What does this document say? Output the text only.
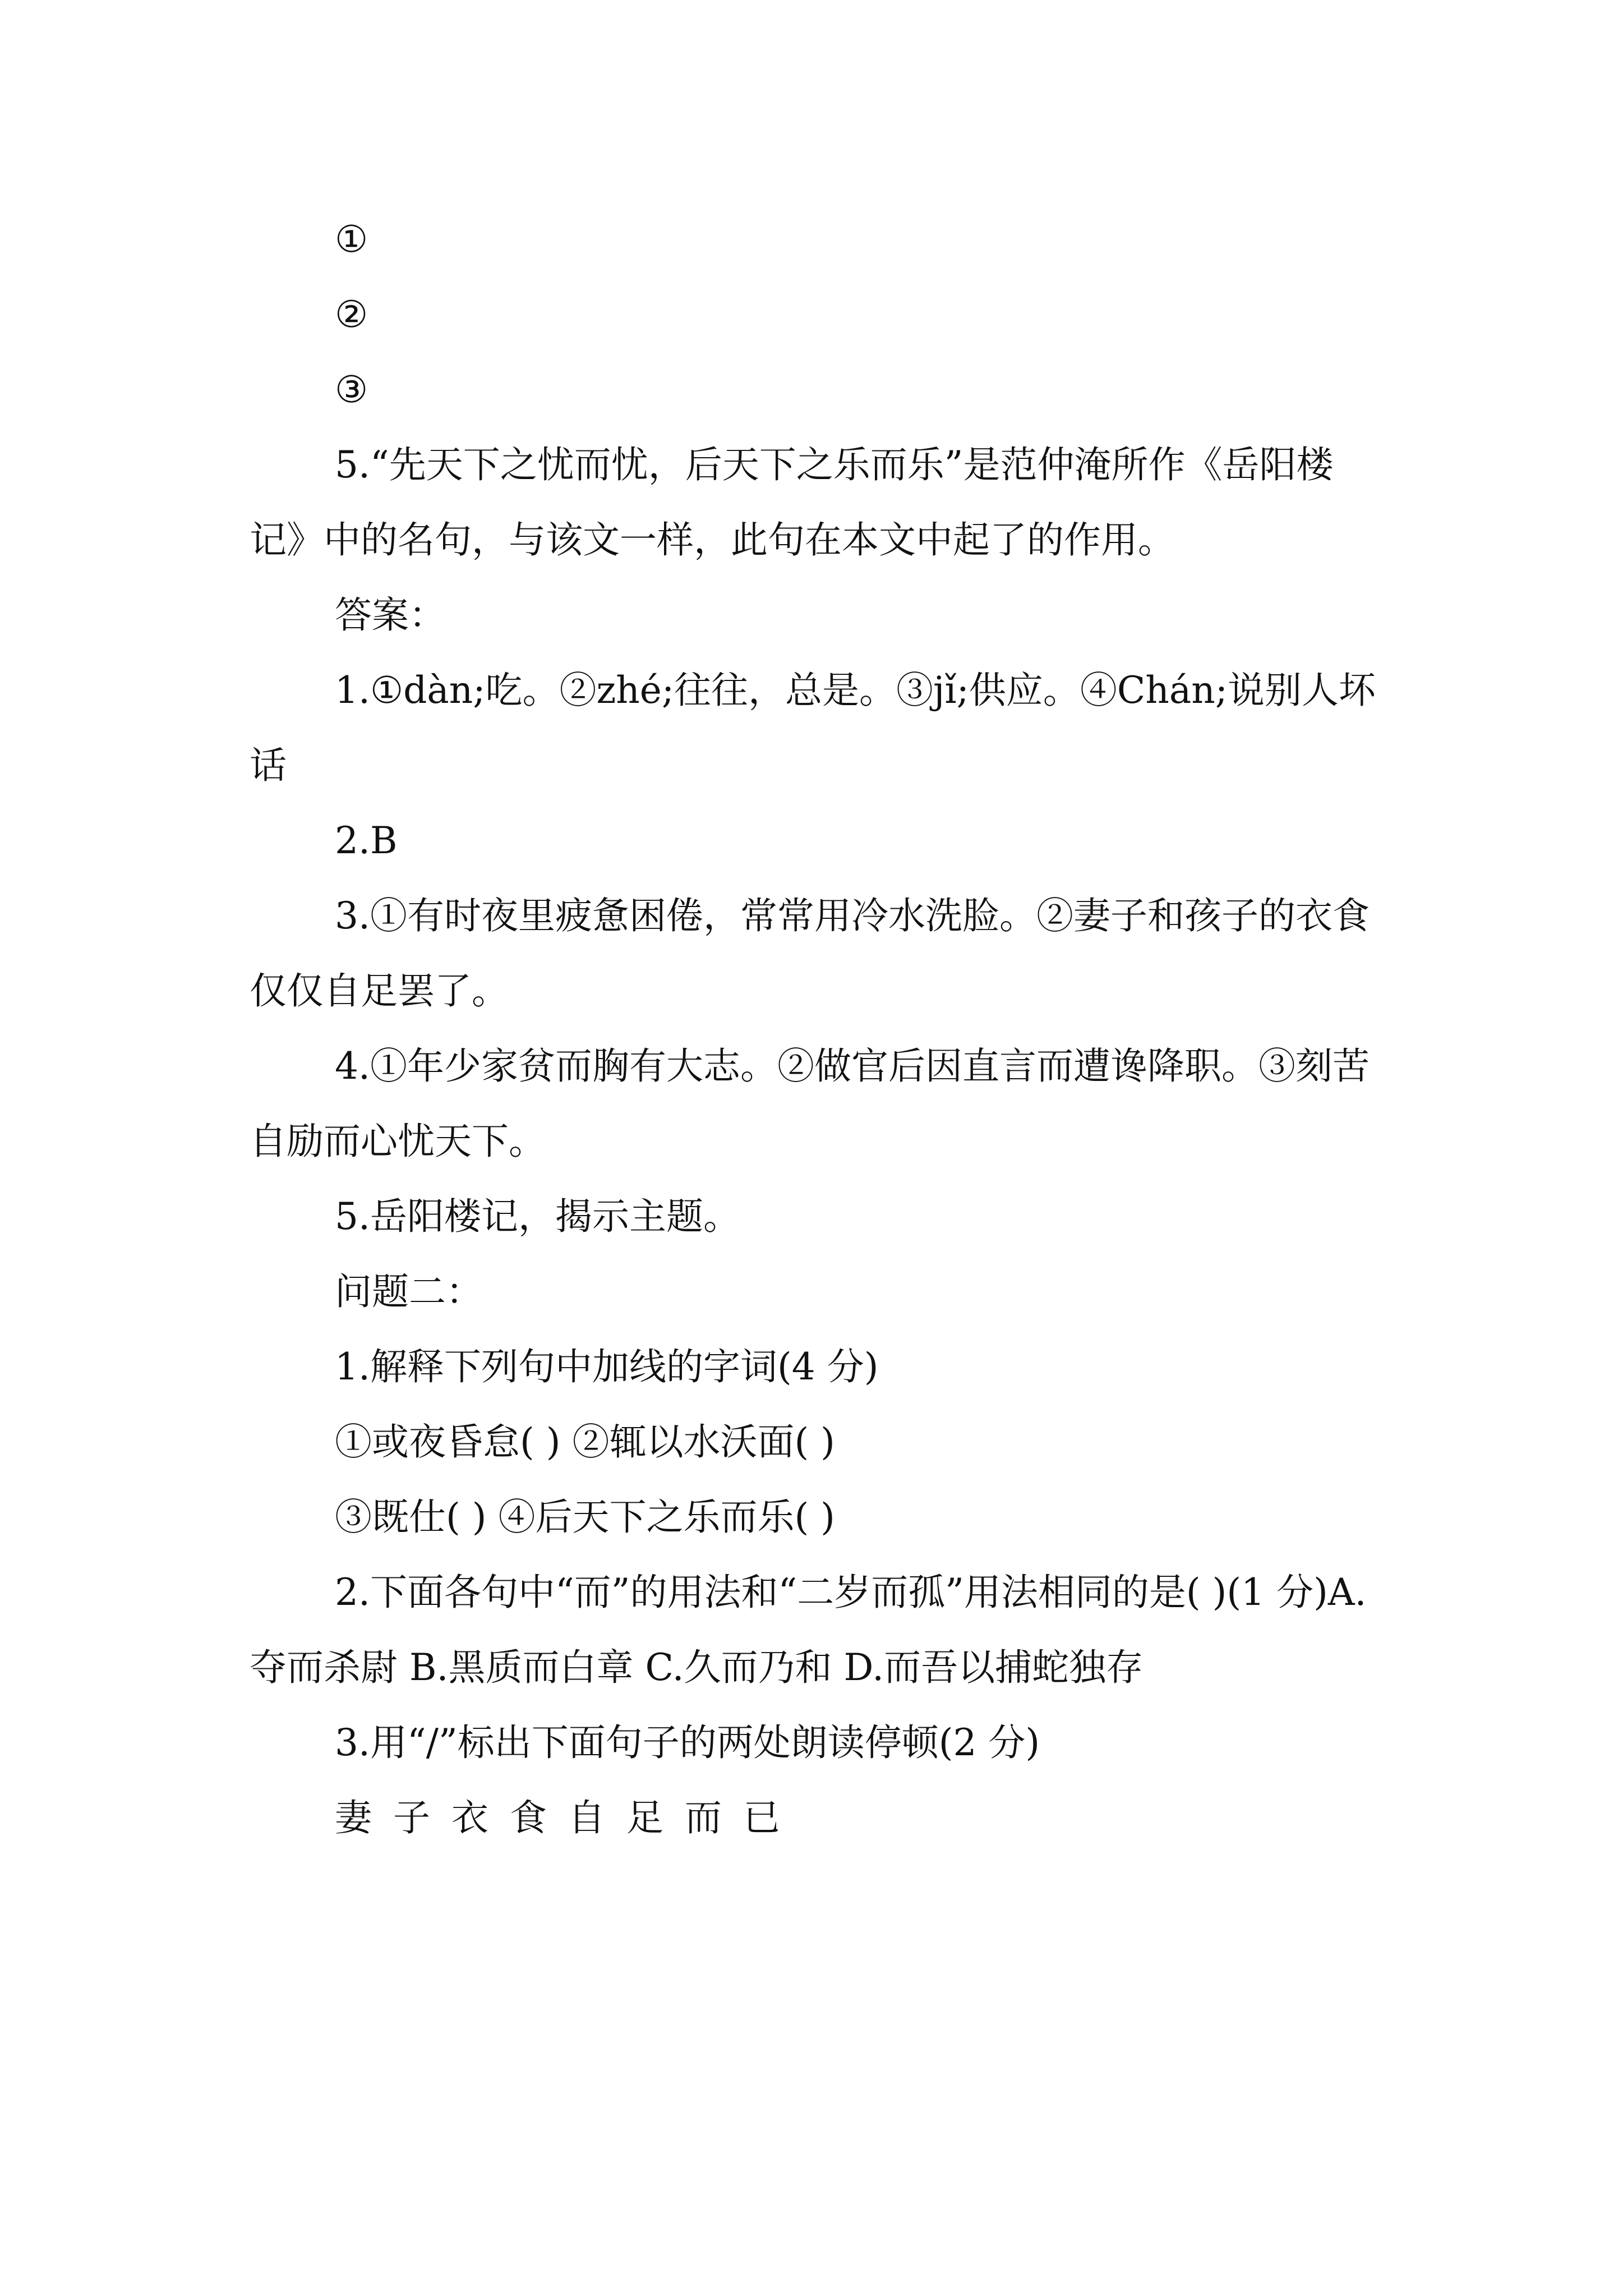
①

②

③

5.“先天下之忧而忧，后天下之乐而乐”是范仲淹所作《岳阳楼记》中的名句，与该文一样，此句在本文中起了的作用。

答案：

1.①dàn;吃。②zhé;往往，总是。③jǐ;供应。④Chán;说别人坏话

2.B

3.①有时夜里疲惫困倦，常常用冷水洗脸。②妻子和孩子的衣食仅仅自足罢了。

4.①年少家贫而胸有大志。②做官后因直言而遭谗降职。③刻苦自励而心忧天下。

5.岳阳楼记，揭示主题。

问题二：

1.解释下列句中加线的字词(4 分)

①或夜昏怠( ) ②辄以水沃面( )

③既仕( ) ④后天下之乐而乐( )

2.下面各句中“而”的用法和“二岁而孤”用法相同的是( )(1 分)A.夺而杀尉 B.黑质而白章 C.久而乃和 D.而吾以捕蛇独存

3.用“/”标出下面句子的两处朗读停顿(2 分)

妻子衣食自足而已
